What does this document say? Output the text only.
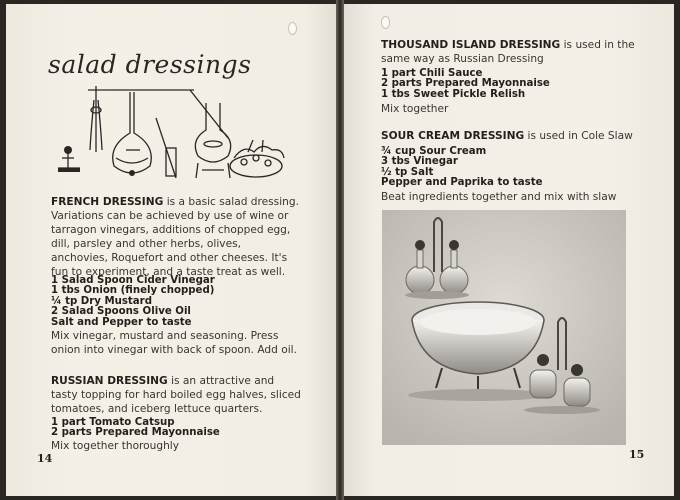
salad dressings
FRENCH DRESSING is a basic salad dressing. Variations can be achieved by use of wine or tarragon vinegars, additions of chopped egg, dill, parsley and other herbs, olives, anchovies, Roquefort and other cheeses. It's fun to experiment, and a taste treat as well.
1 Salad Spoon Cider Vinegar
1 tbs Onion (finely chopped)
¼ tp Dry Mustard
2 Salad Spoons Olive Oil
Salt and Pepper to taste
Mix vinegar, mustard and seasoning. Press onion into vinegar with back of spoon. Add oil.
RUSSIAN DRESSING is an attractive and tasty topping for hard boiled egg halves, sliced tomatoes, and iceberg lettuce quarters.
1 part Tomato Catsup
2 parts Prepared Mayonnaise
Mix together thoroughly
14
THOUSAND ISLAND DRESSING is used in the same way as Russian Dressing
1 part Chili Sauce
2 parts Prepared Mayonnaise
1 tbs Sweet Pickle Relish
Mix together
SOUR CREAM DRESSING is used in Cole Slaw
¾ cup Sour Cream
3 tbs Vinegar
½ tp Salt
Pepper and Paprika to taste
Beat ingredients together and mix with slaw
15
